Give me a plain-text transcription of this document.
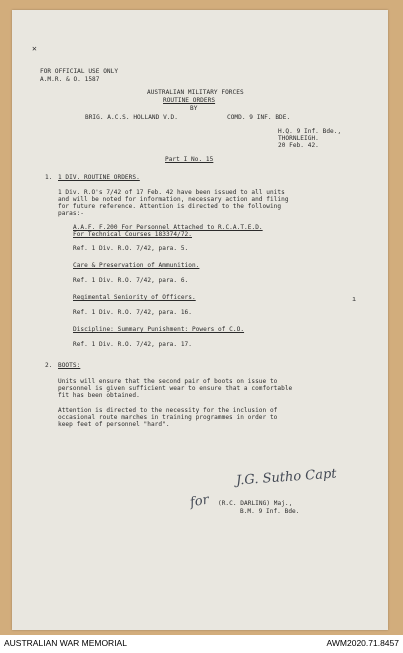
✕
ı
FOR OFFICIAL USE ONLY
A.M.R. & O. 1587
AUSTRALIAN MILITARY FORCES
ROUTINE ORDERS
BY
BRIG. A.C.S. HOLLAND V.D.	COMD. 9 INF. BDE.
H.Q. 9 Inf. Bde.,
THORNLEIGH.
20 Feb. 42.
Part I No. 15
1. 1 DIV. ROUTINE ORDERS.
1 Div. R.O's 7/42 of 17 Feb. 42 have been issued to all units
and will be noted for information, necessary action and filing
for future reference. Attention is directed to the following
paras:-
A.A.F. F.200 For Personnel Attached to R.C.A.T.E.D.
For Technical Courses 183374/72.
Ref. 1 Div. R.O. 7/42, para. 5.
Care & Preservation of Ammunition.
Ref. 1 Div. R.O. 7/42, para. 6.
Regimental Seniority of Officers.
Ref. 1 Div. R.O. 7/42, para. 16.
Discipline: Summary Punishment: Powers of C.O.
Ref. 1 Div. R.O. 7/42, para. 17.
2. BOOTS:
Units will ensure that the second pair of boots on issue to
personnel is given sufficient wear to ensure that a comfortable
fit has been obtained.
Attention is directed to the necessity for the inclusion of
occasional route marches in training programmes in order to
keep feet of personnel "hard".
J.G. Sutho Capt
for (R.C. DARLING) Maj.,
B.M. 9 Inf. Bde.
AUSTRALIAN WAR MEMORIAL	AWM2020.71.8457
